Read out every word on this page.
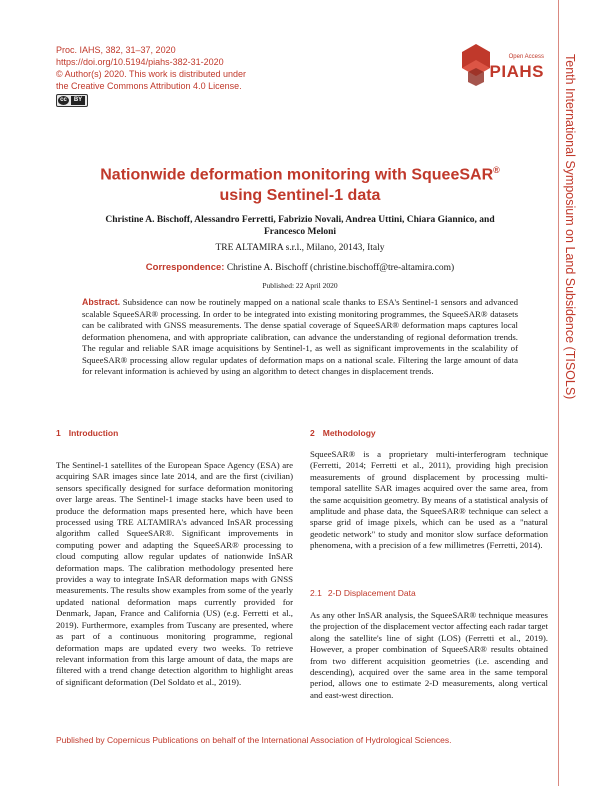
Proc. IAHS, 382, 31–37, 2020
https://doi.org/10.5194/piahs-382-31-2020
© Author(s) 2020. This work is distributed under
the Creative Commons Attribution 4.0 License.
cc	BY
Open Access
PIAHS Tenth International Symposium on Land Subsidence (TISOLS)
Nationwide deformation monitoring with SqueeSAR®
using Sentinel-1 data
Christine A. Bischoff, Alessandro Ferretti, Fabrizio Novali, Andrea Uttini, Chiara Giannico, and
Francesco Meloni
TRE ALTAMIRA s.r.l., Milano, 20143, Italy
Correspondence: Christine A. Bischoff (christine.bischoff@tre-altamira.com)
Published: 22 April 2020
Abstract. Subsidence can now be routinely mapped on a national scale thanks to ESA's Sentinel-1 sensors and advanced scalable SqueeSAR® processing. In order to be integrated into existing monitoring programmes, the SqueeSAR® datasets can be calibrated with GNSS measurements. The dense spatial coverage of SqueeSAR® deformation maps captures local deformation phenomena, and with appropriate calibration, can advance the understanding of regional deformation trends. The regular and reliable SAR image acquisitions by Sentinel-1, as well as significant improvements in the scalability of SqueeSAR® processing allow regular updates of deformation maps on a national scale. Filtering the large amount of data for relevant information is achieved by using an algorithm to detect changes in displacement trends.
1 Introduction
The Sentinel-1 satellites of the European Space Agency (ESA) are acquiring SAR images since late 2014, and are the first (civilian) sensors specifically designed for surface deformation monitoring over large areas. The Sentinel-1 image stacks have been used to produce the deformation maps presented here, which have been processed using TRE ALTAMIRA's advanced InSAR processing algorithm called SqueeSAR®. Significant improvements in computing power and adapting the SqueeSAR® processing to cloud computing allow regular updates of nationwide InSAR deformation maps. The calibration methodology presented here provides a way to integrate InSAR deformation maps with GNSS measurements. The results show examples from some of the yearly updated national deformation maps currently provided for Denmark, Japan, France and California (US) (e.g. Ferretti et al., 2019). Furthermore, examples from Tuscany are presented, where as part of a continuous monitoring programme, regional deformation maps are updated every two weeks. To retrieve relevant information from this large amount of data, the maps are filtered with a trend change detection algorithm to highlight areas of significant deformation (Del Soldato et al., 2019).
2 Methodology
SqueeSAR® is a proprietary multi-interferogram technique (Ferretti, 2014; Ferretti et al., 2011), providing high precision measurements of ground displacement by processing multi-temporal satellite SAR images acquired over the same area, from the same acquisition geometry. By means of a statistical analysis of amplitude and phase data, the SqueeSAR® technique can select a sparse grid of image pixels, which can be used as a "natural geodetic network" to study and monitor slow surface deformation phenomena, with a precision of a few millimetres (Ferretti, 2014).
2.1 2-D Displacement Data
As any other InSAR analysis, the SqueeSAR® technique measures the projection of the displacement vector affecting each radar target along the satellite's line of sight (LOS) (Ferretti et al., 2019). However, a proper combination of SqueeSAR® results obtained from two different acquisition geometries (i.e. ascending and descending), acquired over the same area in the same temporal period, allows one to estimate 2-D measurements, along vertical and east-west direction.
Published by Copernicus Publications on behalf of the International Association of Hydrological Sciences.
